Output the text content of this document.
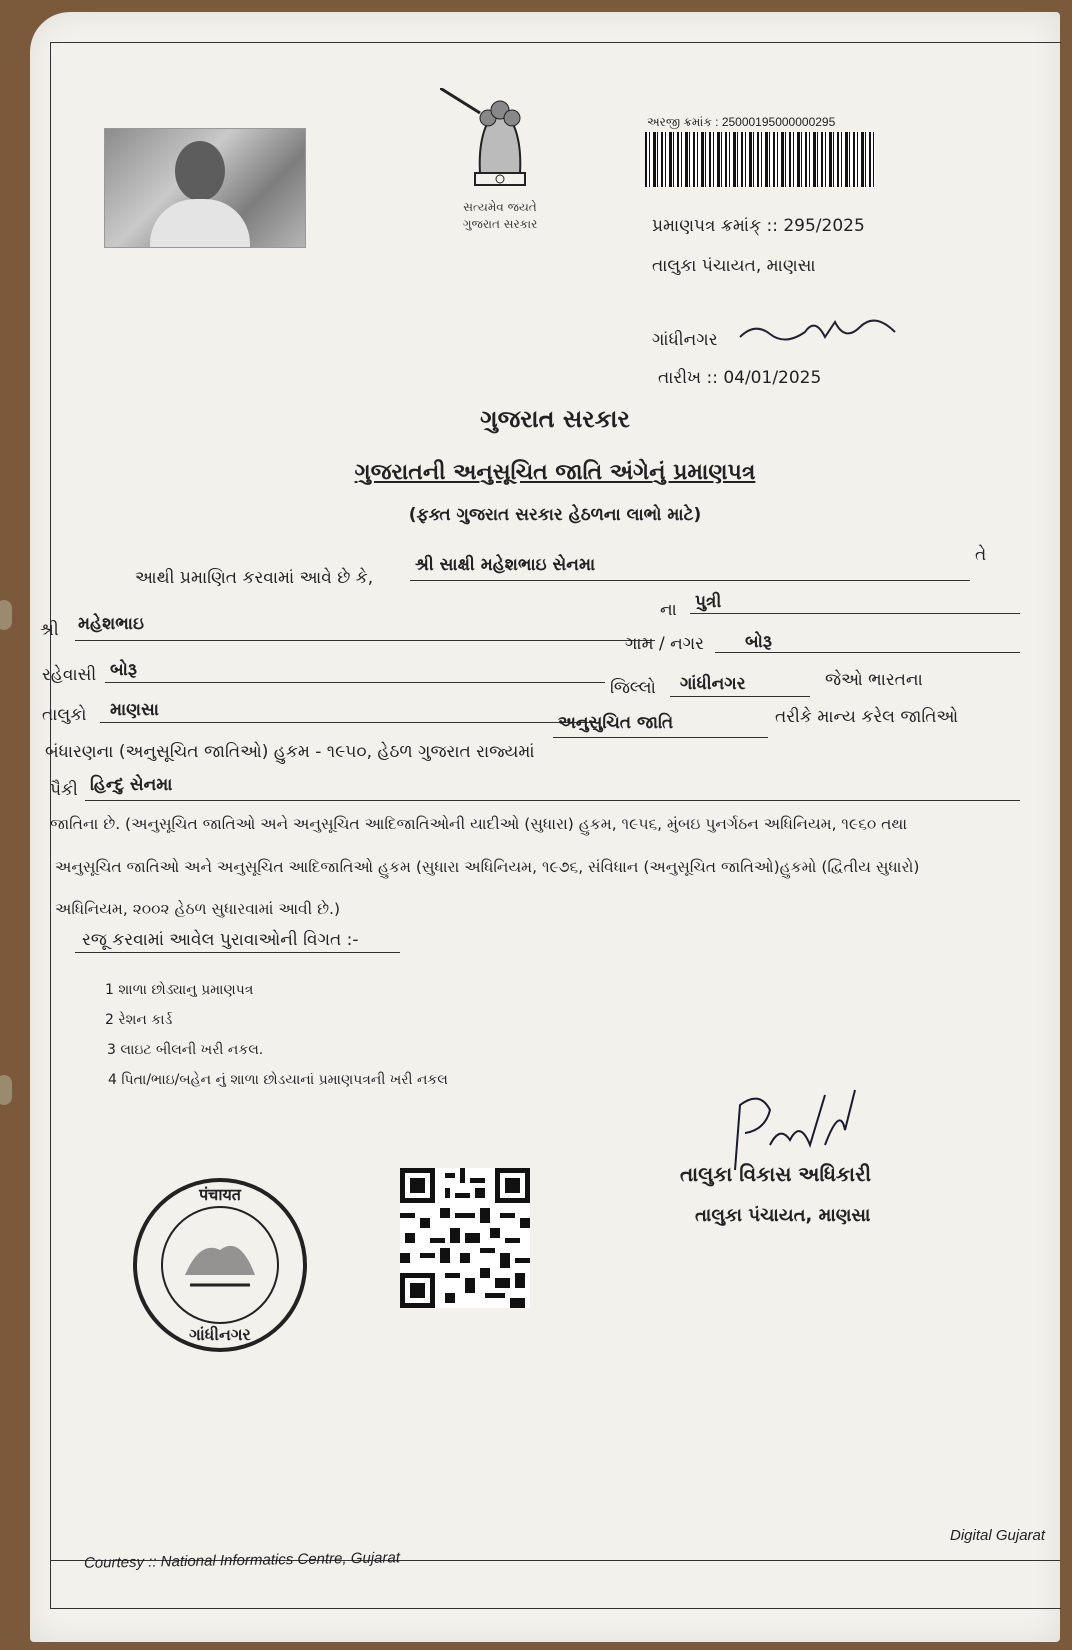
સત્યમેવ જયતે
ગુજરાત સરકાર
અરજી ક્રમાંક : 25000195000000295
પ્રમાણપત્ર ક્રમાંક્ :: 295/2025
તાલુકા પંચાયત, માણસા
ગાંધીનગર
તારીખ :: 04/01/2025
ગુજરાત સરકાર
ગુજરાતની અનુસૂચિત જાતિ અંગેનું પ્રમાણપત્ર
(ફક્ત ગુજરાત સરકાર હેઠળના લાભો માટે)
આથી પ્રમાણિત કરવામાં આવે છે કે,
શ્રી સાક્ષી મહેશભાઇ સેનમા	તે
શ્રી મહેશભાઇ
ના પુત્રી
ગામ / નગર બોરૂ
રહેવાસી બોરૂ
જિલ્લો ગાંધીનગર	જેઓ ભારતના
તાલુકો માણસા
બંધારણના (અનુસૂચિત જાતિઓ) હુકમ - ૧૯૫૦, હેઠળ ગુજરાત રાજ્યમાં
અનુસુચિત જાતિ	તરીકે માન્ય કરેલ જાતિઓ
પૈકી હિન્દુ સેનમા
જાતિના છે. (અનુસૂચિત જાતિઓ અને અનુસૂચિત આદિજાતિઓની યાદીઓ (સુધારા) હુકમ, ૧૯૫૬, મુંબઇ પુનર્ગઠન અધિનિયમ, ૧૯૬૦ તથા
અનુસૂચિત જાતિઓ અને અનુસૂચિત આદિજાતિઓ હુકમ (સુધારા અધિનિયમ, ૧૯૭૬, સંવિધાન (અનુસૂચિત જાતિઓ)હુકમો (દ્વિતીય સુધારો)
અધિનિયમ, ૨૦૦૨ હેઠળ સુધારવામાં આવી છે.)
રજૂ કરવામાં આવેલ પુરાવાઓની વિગત :-
1 શાળા છોડ્યાનુ પ્રમાણપત્ર
2 રેશન કાર્ડ
3 લાઇટ બીલની ખરી નકલ.
4 પિતા/ભાઇ/બહેન નું શાળા છોડયાનાં પ્રમાણપત્રની ખરી નકલ
पंचायत
ગાંધીનગર
તાલુકા વિકાસ અધિકારી
તાલુકા પંચાયત, માણસા
Courtesy :: National Informatics Centre, Gujarat
Digital Gujarat
